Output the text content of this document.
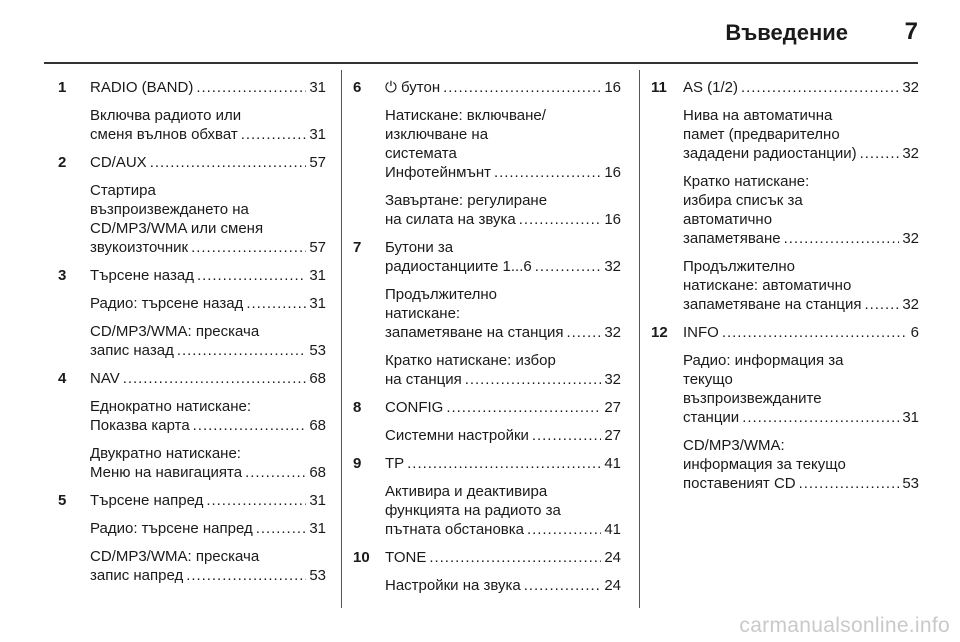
Въведение 7
1 RADIO (BAND) . . .	31
Включва радиото или
сменя вълнов обхват . . .	31
2 CD/AUX . . .	57
Стартира
възпроизвеждането на
CD/MP3/WMA или сменя
звукоизточник . . .	57
3 Търсене назад . . .	31
Радио: търсене назад . . .	31
CD/MP3/WMA: прескача
запис назад . . .	53
4 NAV . . .	68
Еднократно натискане:
Показва карта . . .	68
Двукратно натискане:
Меню на навигацията . . .	68
5 Търсене напред . . .	31
Радио: търсене напред . . .	31
CD/MP3/WMA: прескача
запис напред . . .	53
6 ⏻ бутон . . .	16
Натискане: включване/
изключване на
системата
Инфотейнмънт . . .	16
Завъртане: регулиране
на силата на звука . . .	16
7 Бутони за
радиостанциите 1...6 . . .	32
Продължително
натискане:
запаметяване на станция . . .	32
Кратко натискане: избор
на станция . . .	32
8 CONFIG . . .	27
Системни настройки . . .	27
9 TP . . .	41
Активира и деактивира
функцията на радиото за
пътната обстановка . . .	41
10 TONE . . .	24
Настройки на звука . . .	24
11 AS (1/2) . . .	32
Нива на автоматична
памет (предварително
зададени радиостанции) . . .	32
Кратко натискане:
избира списък за
автоматично
запаметяване . . .	32
Продължително
натискане: автоматично
запаметяване на станция . . .	32
12 INFO . . .	6
Радио: информация за
текущо
възпроизвежданите
станции . . .	31
CD/MP3/WMA:
информация за текущо
поставеният CD . . .	53
carmanualsonline.info
